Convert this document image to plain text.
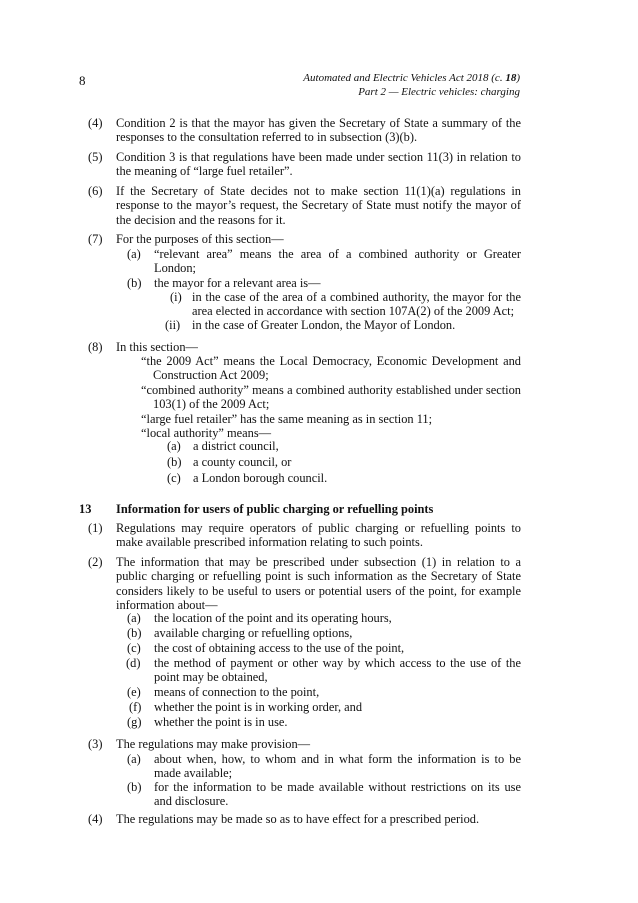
8	Automated and Electric Vehicles Act 2018 (c. 18)
Part 2 — Electric vehicles: charging
(4) Condition 2 is that the mayor has given the Secretary of State a summary of the responses to the consultation referred to in subsection (3)(b).
(5) Condition 3 is that regulations have been made under section 11(3) in relation to the meaning of “large fuel retailer”.
(6) If the Secretary of State decides not to make section 11(1)(a) regulations in response to the mayor’s request, the Secretary of State must notify the mayor of the decision and the reasons for it.
(7) For the purposes of this section—
(a) “relevant area” means the area of a combined authority or Greater London;
(b) the mayor for a relevant area is—
(i) in the case of the area of a combined authority, the mayor for the area elected in accordance with section 107A(2) of the 2009 Act;
(ii) in the case of Greater London, the Mayor of London.
(8) In this section—
“the 2009 Act” means the Local Democracy, Economic Development and Construction Act 2009;
“combined authority” means a combined authority established under section 103(1) of the 2009 Act;
“large fuel retailer” has the same meaning as in section 11;
“local authority” means—
(a) a district council,
(b) a county council, or
(c) a London borough council.
13 Information for users of public charging or refuelling points
(1) Regulations may require operators of public charging or refuelling points to make available prescribed information relating to such points.
(2) The information that may be prescribed under subsection (1) in relation to a public charging or refuelling point is such information as the Secretary of State considers likely to be useful to users or potential users of the point, for example information about—
(a) the location of the point and its operating hours,
(b) available charging or refuelling options,
(c) the cost of obtaining access to the use of the point,
(d) the method of payment or other way by which access to the use of the point may be obtained,
(e) means of connection to the point,
(f) whether the point is in working order, and
(g) whether the point is in use.
(3) The regulations may make provision—
(a) about when, how, to whom and in what form the information is to be made available;
(b) for the information to be made available without restrictions on its use and disclosure.
(4) The regulations may be made so as to have effect for a prescribed period.
